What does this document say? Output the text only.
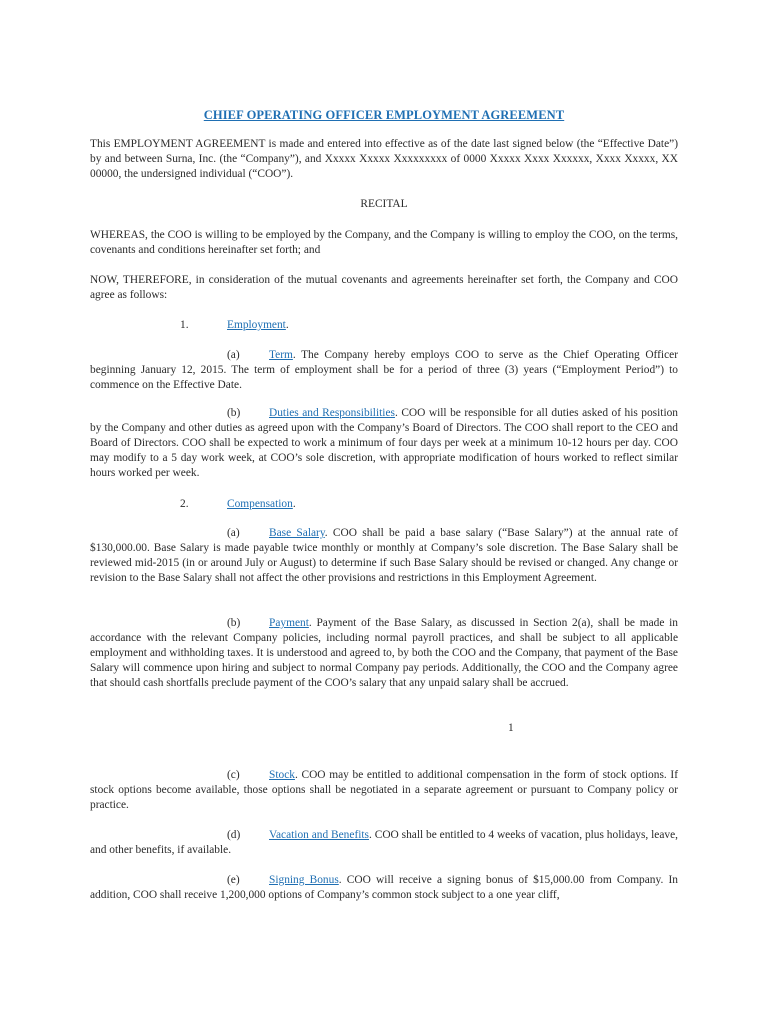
CHIEF OPERATING OFFICER EMPLOYMENT AGREEMENT
This EMPLOYMENT AGREEMENT is made and entered into effective as of the date last signed below (the “Effective Date”) by and between Surna, Inc. (the “Company”), and Xxxxx Xxxxx Xxxxxxxxx of 0000 Xxxxx Xxxx Xxxxxx, Xxxx Xxxxx, XX 00000, the undersigned individual (“COO”).
RECITAL
WHEREAS, the COO is willing to be employed by the Company, and the Company is willing to employ the COO, on the terms, covenants and conditions hereinafter set forth; and
NOW, THEREFORE, in consideration of the mutual covenants and agreements hereinafter set forth, the Company and COO agree as follows:
1.	Employment.
(a)	Term. The Company hereby employs COO to serve as the Chief Operating Officer beginning January 12, 2015. The term of employment shall be for a period of three (3) years (“Employment Period”) to commence on the Effective Date.
(b)	Duties and Responsibilities. COO will be responsible for all duties asked of his position by the Company and other duties as agreed upon with the Company’s Board of Directors. The COO shall report to the CEO and Board of Directors. COO shall be expected to work a minimum of four days per week at a minimum 10-12 hours per day. COO may modify to a 5 day work week, at COO’s sole discretion, with appropriate modification of hours worked to reflect similar hours worked per week.
2.	Compensation.
(a)	Base Salary. COO shall be paid a base salary (“Base Salary”) at the annual rate of $130,000.00. Base Salary is made payable twice monthly or monthly at Company’s sole discretion. The Base Salary shall be reviewed mid-2015 (in or around July or August) to determine if such Base Salary should be revised or changed. Any change or revision to the Base Salary shall not affect the other provisions and restrictions in this Employment Agreement.
(b)	Payment. Payment of the Base Salary, as discussed in Section 2(a), shall be made in accordance with the relevant Company policies, including normal payroll practices, and shall be subject to all applicable employment and withholding taxes. It is understood and agreed to, by both the COO and the Company, that payment of the Base Salary will commence upon hiring and subject to normal Company pay periods. Additionally, the COO and the Company agree that should cash shortfalls preclude payment of the COO’s salary that any unpaid salary shall be accrued.
1
(c)	Stock. COO may be entitled to additional compensation in the form of stock options. If stock options become available, those options shall be negotiated in a separate agreement or pursuant to Company policy or practice.
(d)	Vacation and Benefits. COO shall be entitled to 4 weeks of vacation, plus holidays, leave, and other benefits, if available.
(e)	Signing Bonus. COO will receive a signing bonus of $15,000.00 from Company. In addition, COO shall receive 1,200,000 options of Company’s common stock subject to a one year cliff,
